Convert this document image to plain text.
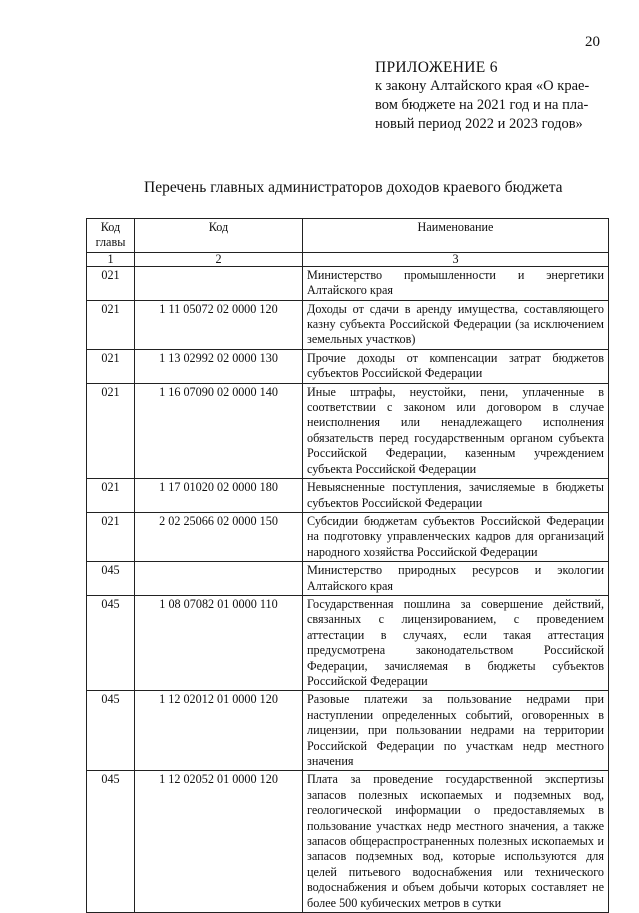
20
ПРИЛОЖЕНИЕ 6
к закону Алтайского края «О крае-
вом бюджете на 2021 год и на пла-
новый период 2022 и 2023 годов»
Перечень главных администраторов доходов краевого бюджета
Код главы	Код	Наименование
1	2	3
021		Министерство промышленности и энергетики Алтайского края
021	1 11 05072 02 0000 120	Доходы от сдачи в аренду имущества, составляющего казну субъекта Российской Федерации (за исключением земельных участков)
021	1 13 02992 02 0000 130	Прочие доходы от компенсации затрат бюджетов субъектов Российской Федерации
021	1 16 07090 02 0000 140	Иные штрафы, неустойки, пени, уплаченные в соответствии с законом или договором в случае неисполнения или ненадлежащего исполнения обязательств перед государственным органом субъекта Российской Федерации, казенным учреждением субъекта Российской Федерации
021	1 17 01020 02 0000 180	Невыясненные поступления, зачисляемые в бюджеты субъектов Российской Федерации
021	2 02 25066 02 0000 150	Субсидии бюджетам субъектов Российской Федерации на подготовку управленческих кадров для организаций народного хозяйства Российской Федерации
045		Министерство природных ресурсов и экологии Алтайского края
045	1 08 07082 01 0000 110	Государственная пошлина за совершение действий, связанных с лицензированием, с проведением аттестации в случаях, если такая аттестация предусмотрена законодательством Российской Федерации, зачисляемая в бюджеты субъектов Российской Федерации
045	1 12 02012 01 0000 120	Разовые платежи за пользование недрами при наступлении определенных событий, оговоренных в лицензии, при пользовании недрами на территории Российской Федерации по участкам недр местного значения
045	1 12 02052 01 0000 120	Плата за проведение государственной экспертизы запасов полезных ископаемых и подземных вод, геологической информации о предоставляемых в пользование участках недр местного значения, а также запасов общераспространенных полезных ископаемых и запасов подземных вод, которые используются для целей питьевого водоснабжения или технического водоснабжения и объем добычи которых составляет не более 500 кубических метров в сутки
